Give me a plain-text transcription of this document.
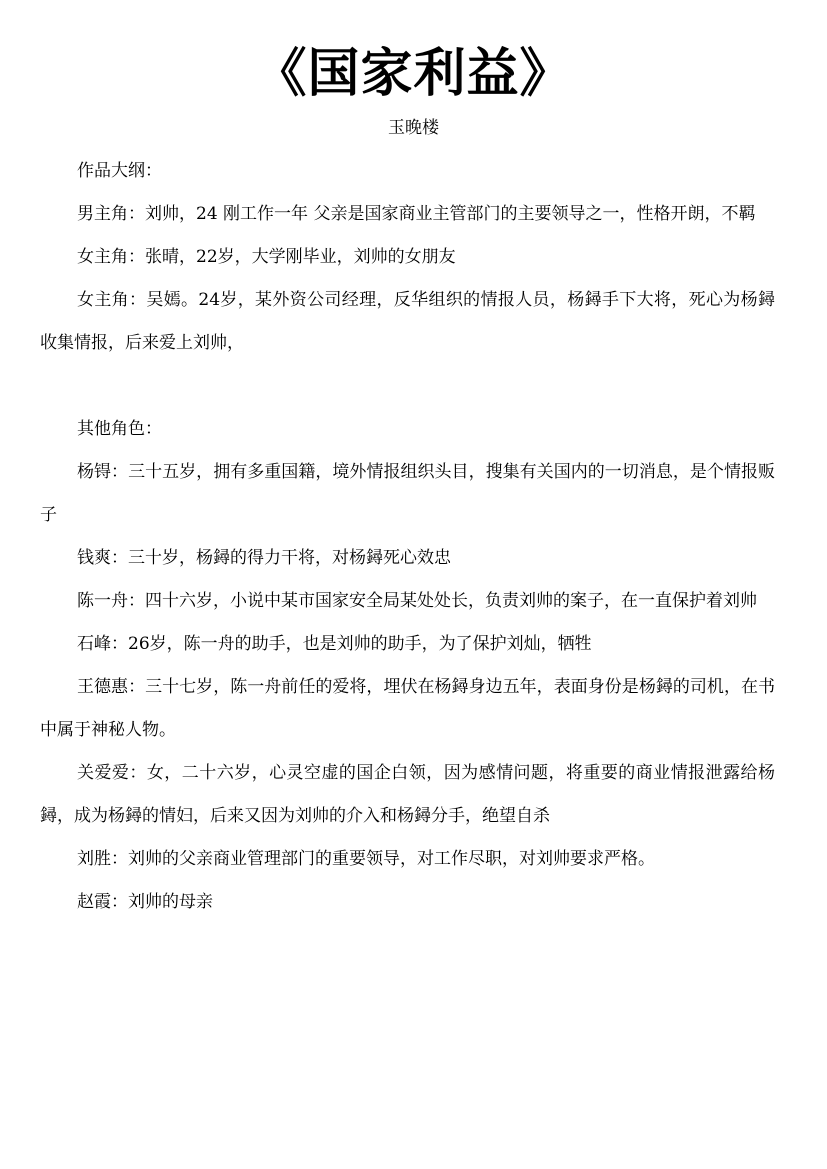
《国家利益》
玉晚楼

作品大纲：

男主角：刘帅，24 刚工作一年 父亲是国家商业主管部门的主要领导之一，性格开朗，不羁

女主角：张晴，22岁，大学刚毕业，刘帅的女朋友

女主角：吴嫣。24岁，某外资公司经理，反华组织的情报人员，杨鐞手下大将，死心为杨鐞收集情报，后来爱上刘帅，

其他角色：

杨锝：三十五岁，拥有多重国籍，境外情报组织头目，搜集有关国内的一切消息，是个情报贩子

钱爽：三十岁，杨鐞的得力干将，对杨鐞死心效忠

陈一舟：四十六岁，小说中某市国家安全局某处处长，负责刘帅的案子，在一直保护着刘帅

石峰：26岁，陈一舟的助手，也是刘帅的助手，为了保护刘灿，牺牲

王德惠：三十七岁，陈一舟前任的爱将，埋伏在杨鐞身边五年，表面身份是杨鐞的司机，在书中属于神秘人物。

关爱爱：女，二十六岁，心灵空虚的国企白领，因为感情问题，将重要的商业情报泄露给杨鐞，成为杨鐞的情妇，后来又因为刘帅的介入和杨鐞分手，绝望自杀

刘胜：刘帅的父亲商业管理部门的重要领导，对工作尽职，对刘帅要求严格。

赵霞：刘帅的母亲
